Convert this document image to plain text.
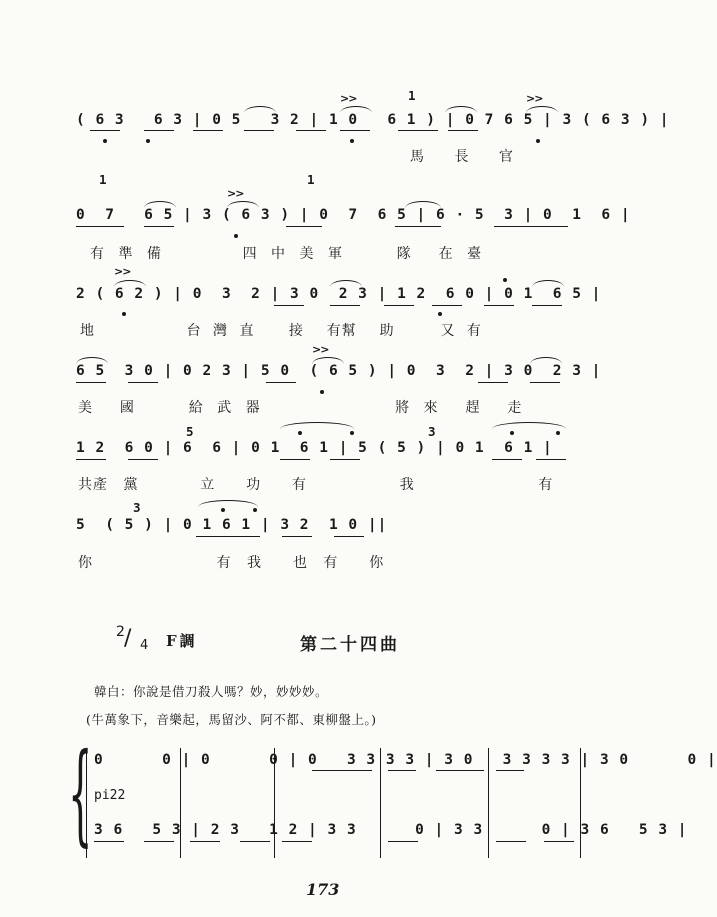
( 6 3   6 3 | 0 5   3 2 | 1 0   6 1 ) | 0 7 6 5 | 3 ( 6 3 ) |
1
>>	>>
馬 長 官
1	1
0  7   6 5 | 3 ( 6 3 ) | 0  7  6 5 | 6 · 5  3 | 0  1  6 |
>>
有 準 備      四 中 美 軍    隊  在 臺
2 ( 6 2 ) | 0  3  2 | 3 0  2 3 | 1 2  6 0 | 0 1  6 5 |
>>
地        台 灣 直   接  有幫  助    又 有
6 5  3 0 | 0 2 3 | 5 0  ( 6 5 ) | 0  3  2 | 3 0  2 3 |
>>
美  國    給 武 器          將 來  趕  走
1 2  6 0 | 6  6 | 0 1  6 1 | 5 ( 5 ) | 0 1  6 1 |
5	3
共產 黨    立  功  有      我        有
5  ( 5 ) | 0 1 6 1 | 3 2  1 0 ||
3
你        有 我  也 有  你
2 / 4 F調	第二十四曲
韓白：你說是借刀殺人嗎？妙，妙妙妙。
(牛萬象下，音樂起，馬留沙、阿不都、東柳盤上。)
{ 0      0 | 0      0 | 0   3 3 3 3 | 3 0   3 3 3 3 | 3 0      0 |
pi22
3 6   5 3 | 2 3   1 2 | 3 3      0 | 3 3      0 | 3 6   5 3 |
173
